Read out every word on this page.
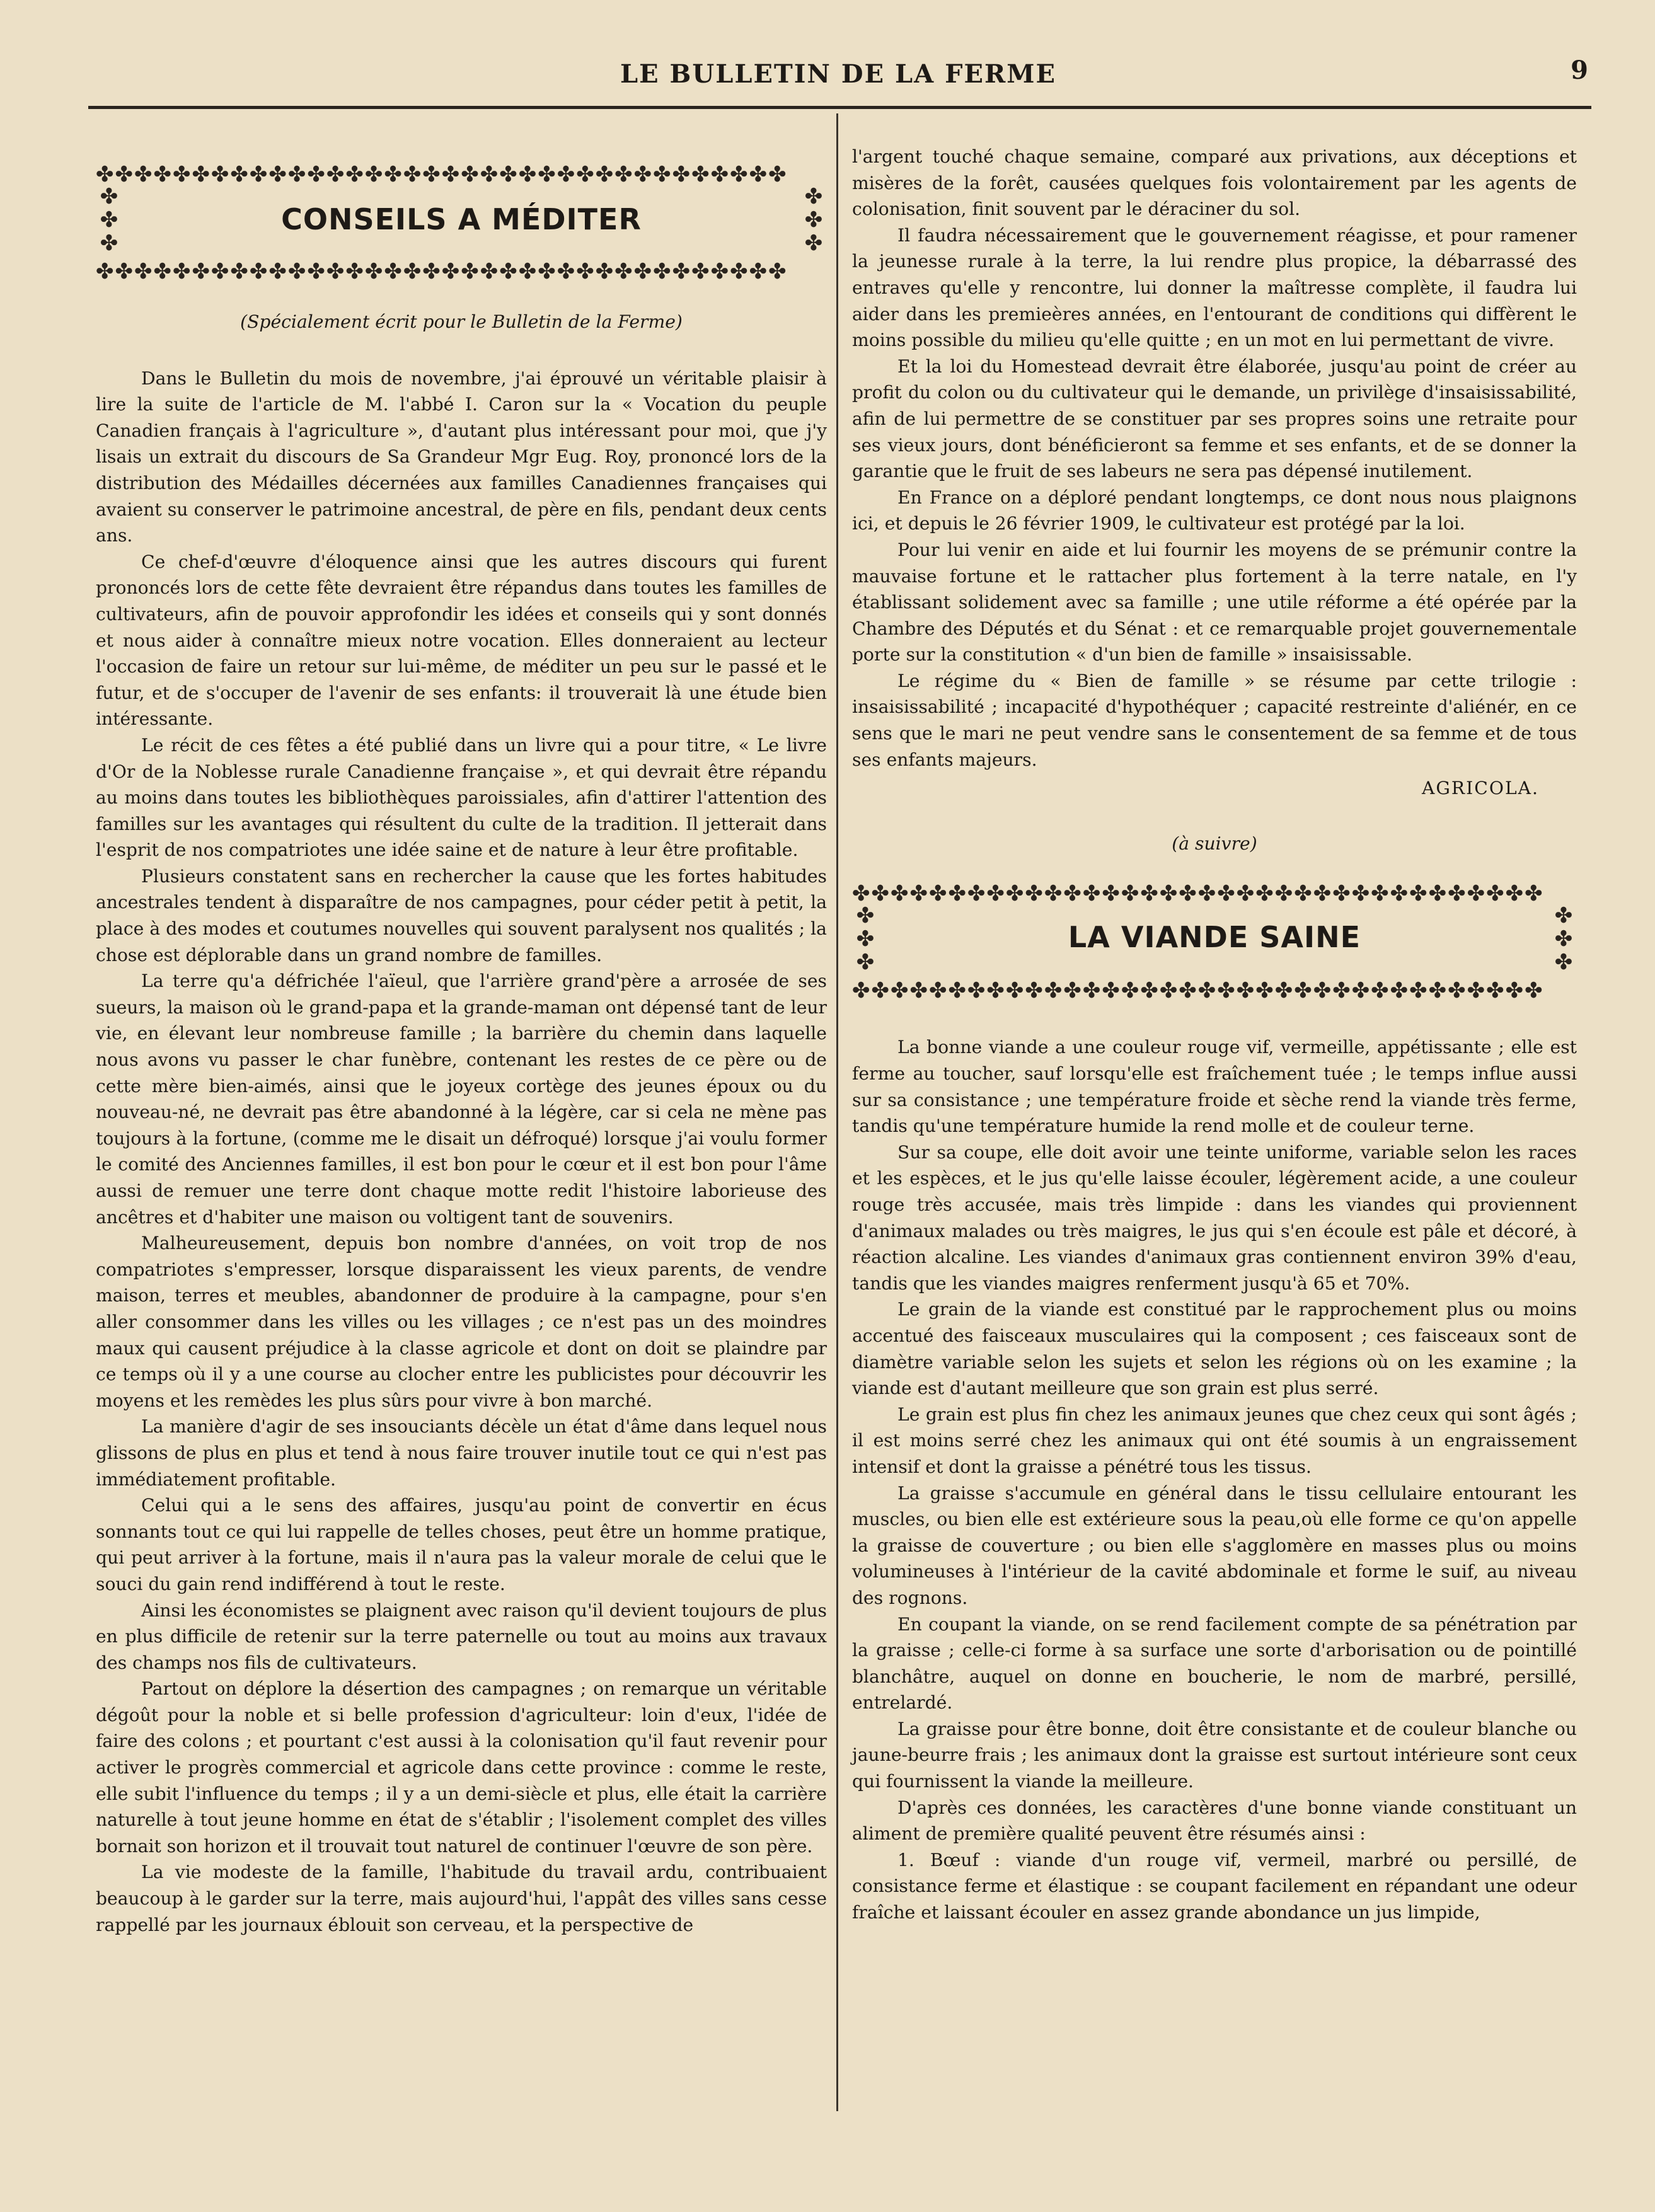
LE BULLETIN DE LA FERME	9
✤✤✤✤✤✤✤✤✤✤✤✤✤✤✤✤✤✤✤✤✤✤✤✤✤✤✤✤✤✤✤✤✤✤✤✤
✤✤✤
CONSEILS A MÉDITER
✤✤✤
✤✤✤✤✤✤✤✤✤✤✤✤✤✤✤✤✤✤✤✤✤✤✤✤✤✤✤✤✤✤✤✤✤✤✤✤
(Spécialement écrit pour le Bulletin de la Ferme)

Dans le Bulletin du mois de novembre, j'ai éprouvé un véritable plaisir à lire la suite de l'article de M. l'abbé I. Caron sur la « Vocation du peuple Canadien français à l'agriculture », d'autant plus intéressant pour moi, que j'y lisais un extrait du discours de Sa Grandeur Mgr Eug. Roy, prononcé lors de la distribution des Médailles décernées aux familles Canadiennes françaises qui avaient su conserver le patrimoine ancestral, de père en fils, pendant deux cents ans.

Ce chef-d'œuvre d'éloquence ainsi que les autres discours qui furent prononcés lors de cette fête devraient être répandus dans toutes les familles de cultivateurs, afin de pouvoir approfondir les idées et conseils qui y sont donnés et nous aider à connaître mieux notre vocation. Elles donneraient au lecteur l'occasion de faire un retour sur lui-même, de méditer un peu sur le passé et le futur, et de s'occuper de l'avenir de ses enfants: il trouverait là une étude bien intéressante.

Le récit de ces fêtes a été publié dans un livre qui a pour titre, « Le livre d'Or de la Noblesse rurale Canadienne française », et qui devrait être répandu au moins dans toutes les bibliothèques paroissiales, afin d'attirer l'attention des familles sur les avantages qui résultent du culte de la tradition. Il jetterait dans l'esprit de nos compatriotes une idée saine et de nature à leur être profitable.

Plusieurs constatent sans en rechercher la cause que les fortes habitudes ancestrales tendent à disparaître de nos campagnes, pour céder petit à petit, la place à des modes et coutumes nouvelles qui souvent paralysent nos qualités ; la chose est déplorable dans un grand nombre de familles.

La terre qu'a défrichée l'aïeul, que l'arrière grand'père a arrosée de ses sueurs, la maison où le grand-papa et la grande-maman ont dépensé tant de leur vie, en élevant leur nombreuse famille ; la barrière du chemin dans laquelle nous avons vu passer le char funèbre, contenant les restes de ce père ou de cette mère bien-aimés, ainsi que le joyeux cortège des jeunes époux ou du nouveau-né, ne devrait pas être abandonné à la légère, car si cela ne mène pas toujours à la fortune, (comme me le disait un défroqué) lorsque j'ai voulu former le comité des Anciennes familles, il est bon pour le cœur et il est bon pour l'âme aussi de remuer une terre dont chaque motte redit l'histoire laborieuse des ancêtres et d'habiter une maison ou voltigent tant de souvenirs.

Malheureusement, depuis bon nombre d'années, on voit trop de nos compatriotes s'empresser, lorsque disparaissent les vieux parents, de vendre maison, terres et meubles, abandonner de produire à la campagne, pour s'en aller consommer dans les villes ou les villages ; ce n'est pas un des moindres maux qui causent préjudice à la classe agricole et dont on doit se plaindre par ce temps où il y a une course au clocher entre les publicistes pour découvrir les moyens et les remèdes les plus sûrs pour vivre à bon marché.

La manière d'agir de ses insouciants décèle un état d'âme dans lequel nous glissons de plus en plus et tend à nous faire trouver inutile tout ce qui n'est pas immédiatement profitable.

Celui qui a le sens des affaires, jusqu'au point de convertir en écus sonnants tout ce qui lui rappelle de telles choses, peut être un homme pratique, qui peut arriver à la fortune, mais il n'aura pas la valeur morale de celui que le souci du gain rend indifférend à tout le reste.

Ainsi les économistes se plaignent avec raison qu'il devient toujours de plus en plus difficile de retenir sur la terre paternelle ou tout au moins aux travaux des champs nos fils de cultivateurs.

Partout on déplore la désertion des campagnes ; on remarque un véritable dégoût pour la noble et si belle profession d'agriculteur: loin d'eux, l'idée de faire des colons ; et pourtant c'est aussi à la colonisation qu'il faut revenir pour activer le progrès commercial et agricole dans cette province : comme le reste, elle subit l'influence du temps ; il y a un demi-siècle et plus, elle était la carrière naturelle à tout jeune homme en état de s'établir ; l'isolement complet des villes bornait son horizon et il trouvait tout naturel de continuer l'œuvre de son père.

La vie modeste de la famille, l'habitude du travail ardu, contribuaient beaucoup à le garder sur la terre, mais aujourd'hui, l'appât des villes sans cesse rappellé par les journaux éblouit son cerveau, et la perspective de

l'argent touché chaque semaine, comparé aux privations, aux déceptions et misères de la forêt, causées quelques fois volontairement par les agents de colonisation, finit souvent par le déraciner du sol.

Il faudra nécessairement que le gouvernement réagisse, et pour ramener la jeunesse rurale à la terre, la lui rendre plus propice, la débarrassé des entraves qu'elle y rencontre, lui donner la maîtresse complète, il faudra lui aider dans les premieères années, en l'entourant de conditions qui diffèrent le moins possible du milieu qu'elle quitte ; en un mot en lui permettant de vivre.

Et la loi du Homestead devrait être élaborée, jusqu'au point de créer au profit du colon ou du cultivateur qui le demande, un privilège d'insaisissabilité, afin de lui permettre de se constituer par ses propres soins une retraite pour ses vieux jours, dont bénéficieront sa femme et ses enfants, et de se donner la garantie que le fruit de ses labeurs ne sera pas dépensé inutilement.

En France on a déploré pendant longtemps, ce dont nous nous plaignons ici, et depuis le 26 février 1909, le cultivateur est protégé par la loi.

Pour lui venir en aide et lui fournir les moyens de se prémunir contre la mauvaise fortune et le rattacher plus fortement à la terre natale, en l'y établissant solidement avec sa famille ; une utile réforme a été opérée par la Chambre des Députés et du Sénat : et ce remarquable projet gouvernementale porte sur la constitution « d'un bien de famille » insaisissable.

Le régime du « Bien de famille » se résume par cette trilogie : insaisissabilité ; incapacité d'hypothéquer ; capacité restreinte d'aliénér, en ce sens que le mari ne peut vendre sans le consentement de sa femme et de tous ses enfants majeurs.

AGRICOLA.
(à suivre)
✤✤✤✤✤✤✤✤✤✤✤✤✤✤✤✤✤✤✤✤✤✤✤✤✤✤✤✤✤✤✤✤✤✤✤✤
✤✤✤
LA VIANDE SAINE
✤✤✤
✤✤✤✤✤✤✤✤✤✤✤✤✤✤✤✤✤✤✤✤✤✤✤✤✤✤✤✤✤✤✤✤✤✤✤✤

La bonne viande a une couleur rouge vif, vermeille, appétissante ; elle est ferme au toucher, sauf lorsqu'elle est fraîchement tuée ; le temps influe aussi sur sa consistance ; une température froide et sèche rend la viande très ferme, tandis qu'une température humide la rend molle et de couleur terne.

Sur sa coupe, elle doit avoir une teinte uniforme, variable selon les races et les espèces, et le jus qu'elle laisse écouler, légèrement acide, a une couleur rouge très accusée, mais très limpide : dans les viandes qui proviennent d'animaux malades ou très maigres, le jus qui s'en écoule est pâle et décoré, à réaction alcaline. Les viandes d'animaux gras contiennent environ 39% d'eau, tandis que les viandes maigres renferment jusqu'à 65 et 70%.

Le grain de la viande est constitué par le rapprochement plus ou moins accentué des faisceaux musculaires qui la composent ; ces faisceaux sont de diamètre variable selon les sujets et selon les régions où on les examine ; la viande est d'autant meilleure que son grain est plus serré.

Le grain est plus fin chez les animaux jeunes que chez ceux qui sont âgés ; il est moins serré chez les animaux qui ont été soumis à un engraissement intensif et dont la graisse a pénétré tous les tissus.

La graisse s'accumule en général dans le tissu cellulaire entourant les muscles, ou bien elle est extérieure sous la peau,où elle forme ce qu'on appelle la graisse de couverture ; ou bien elle s'agglomère en masses plus ou moins volumineuses à l'intérieur de la cavité abdominale et forme le suif, au niveau des rognons.

En coupant la viande, on se rend facilement compte de sa pénétration par la graisse ; celle-ci forme à sa surface une sorte d'arborisation ou de pointillé blanchâtre, auquel on donne en boucherie, le nom de marbré, persillé, entrelardé.

La graisse pour être bonne, doit être consistante et de couleur blanche ou jaune-beurre frais ; les animaux dont la graisse est surtout intérieure sont ceux qui fournissent la viande la meilleure.

D'après ces données, les caractères d'une bonne viande constituant un aliment de première qualité peuvent être résumés ainsi :

1. Bœuf : viande d'un rouge vif, vermeil, marbré ou persillé, de consistance ferme et élastique : se coupant facilement en répandant une odeur fraîche et laissant écouler en assez grande abondance un jus limpide,
